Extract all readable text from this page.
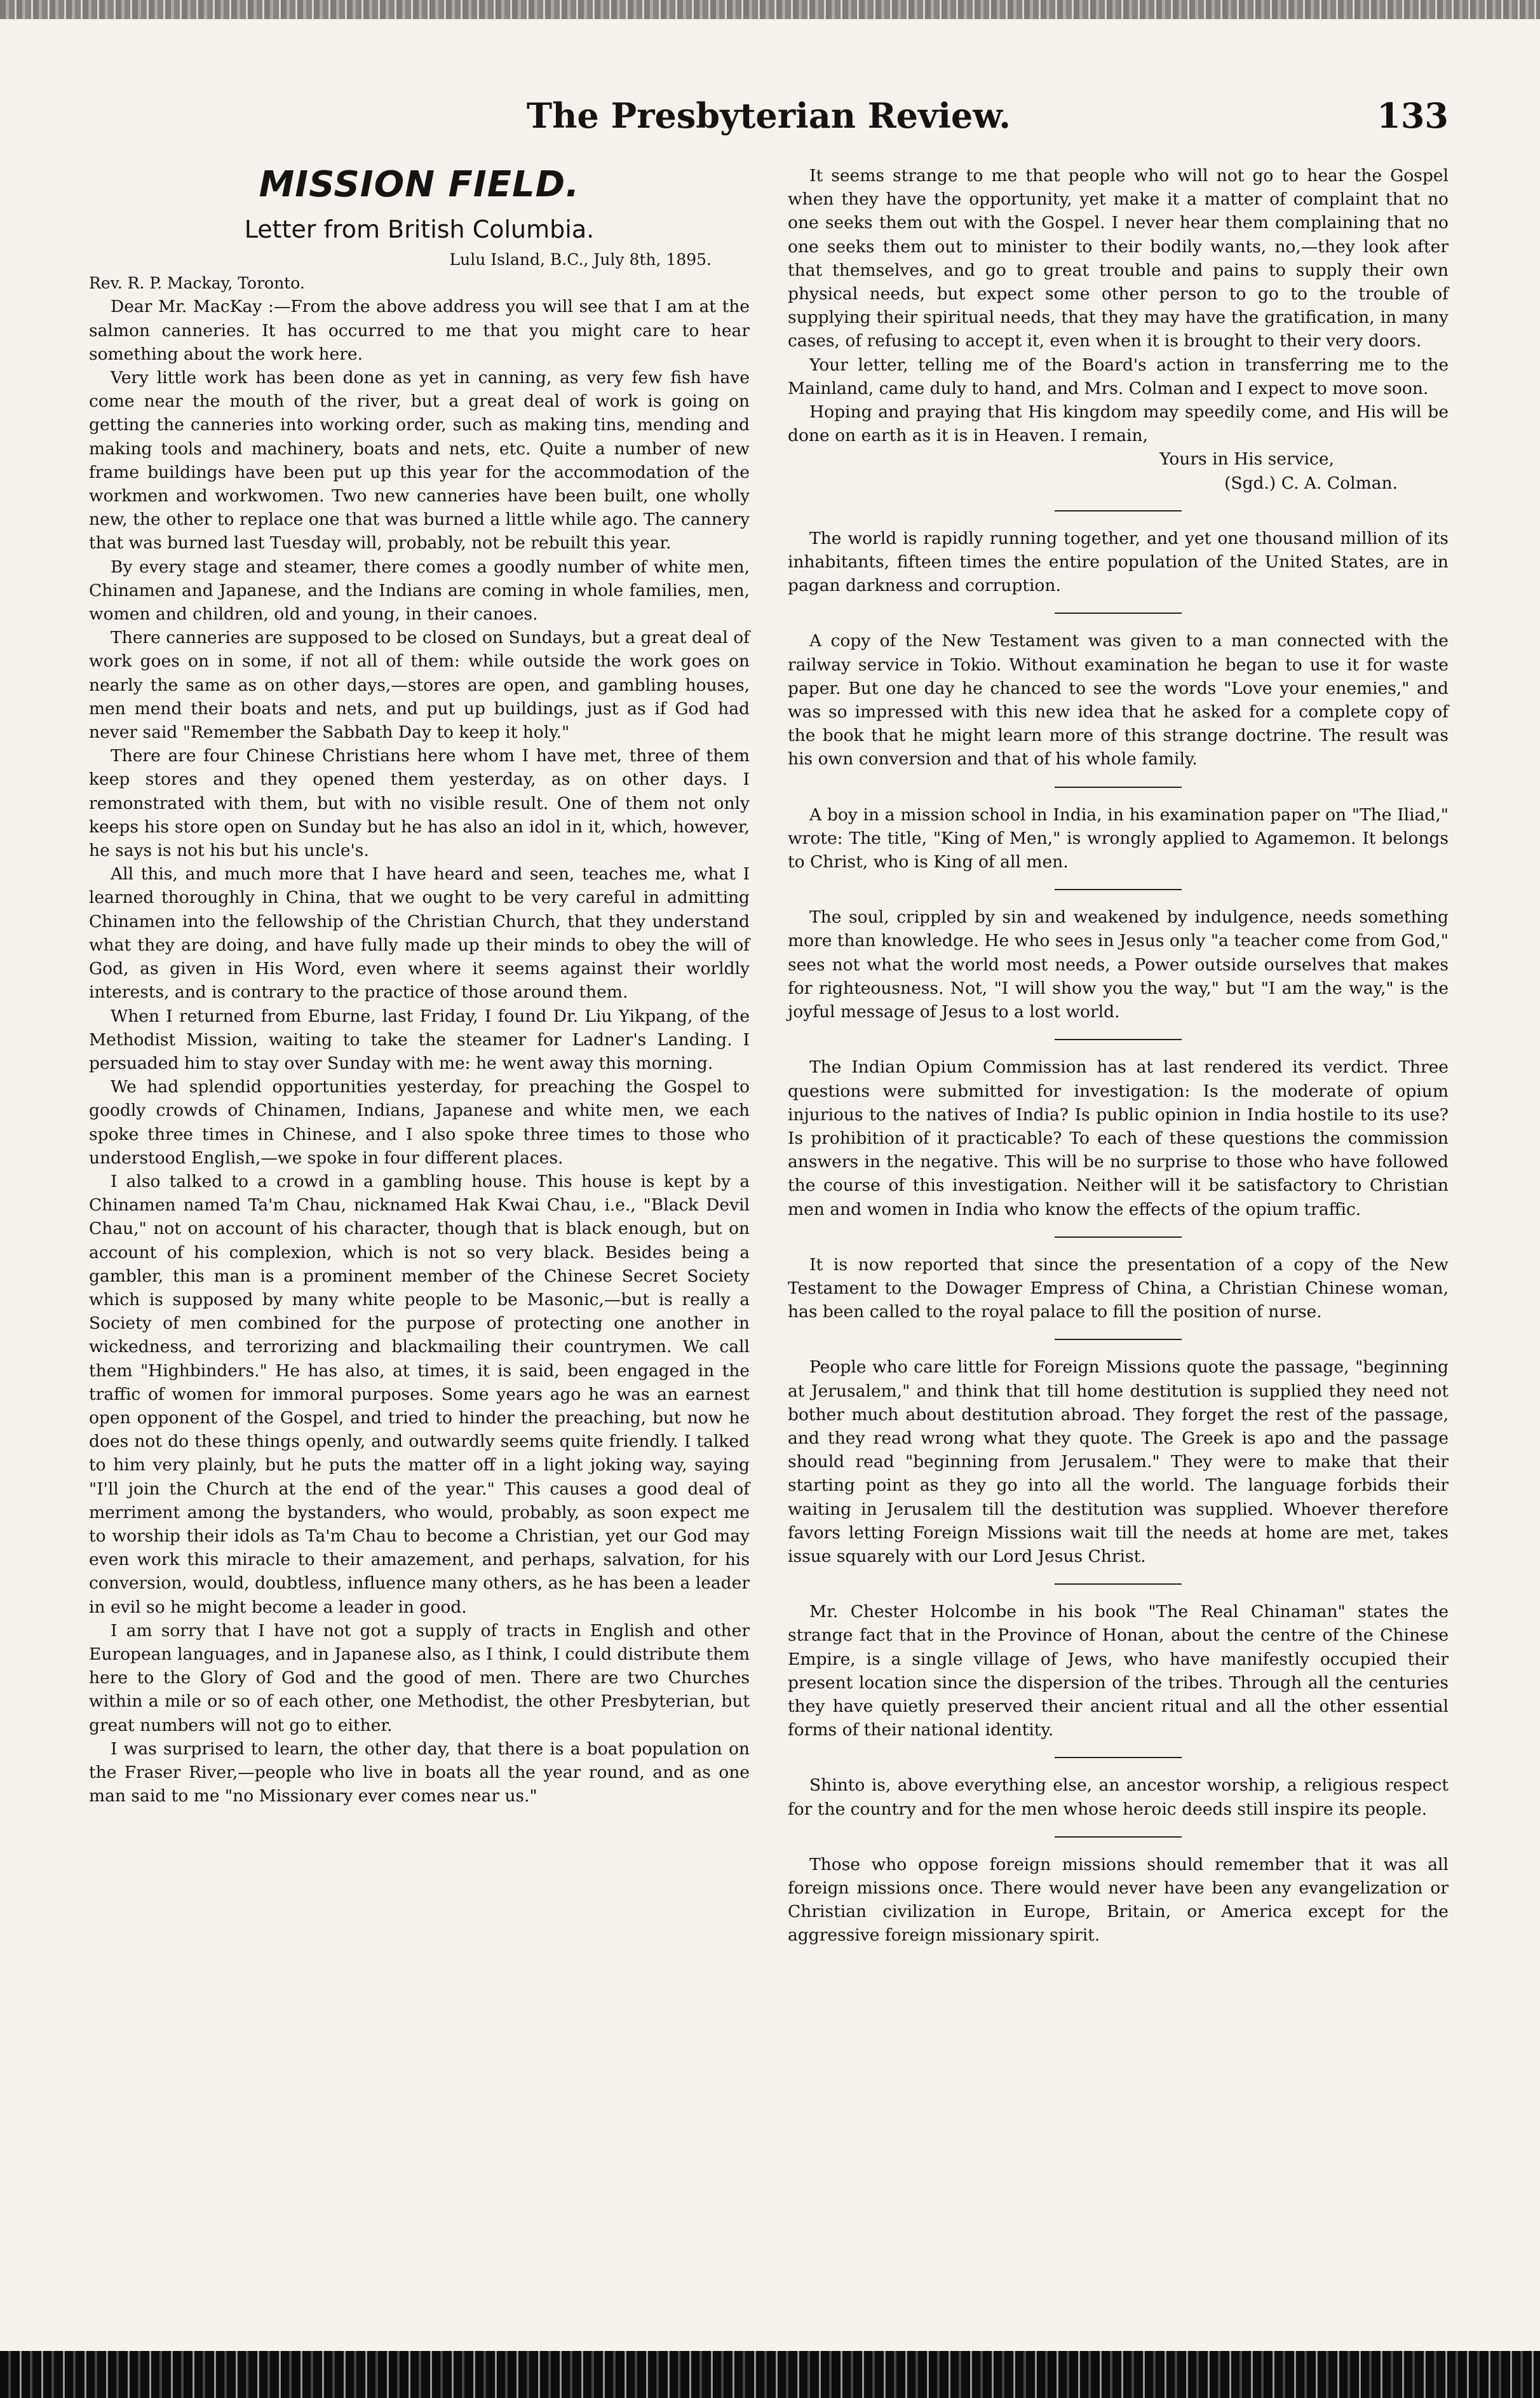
The Presbyterian Review.	133
MISSION FIELD.
Letter from British Columbia.
Lulu Island, B.C., July 8th, 1895.
Rev. R. P. Mackay, Toronto.

Dear Mr. MacKay :—From the above address you will see that I am at the salmon canneries. It has occurred to me that you might care to hear something about the work here.

Very little work has been done as yet in canning, as very few fish have come near the mouth of the river, but a great deal of work is going on getting the canneries into working order, such as making tins, mending and making tools and machinery, boats and nets, etc. Quite a number of new frame buildings have been put up this year for the accommodation of the workmen and workwomen. Two new canneries have been built, one wholly new, the other to replace one that was burned a little while ago. The cannery that was burned last Tuesday will, probably, not be rebuilt this year.

By every stage and steamer, there comes a goodly number of white men, Chinamen and Japanese, and the Indians are coming in whole families, men, women and children, old and young, in their canoes.

There canneries are supposed to be closed on Sundays, but a great deal of work goes on in some, if not all of them: while outside the work goes on nearly the same as on other days,—stores are open, and gambling houses, men mend their boats and nets, and put up buildings, just as if God had never said "Remember the Sabbath Day to keep it holy."

There are four Chinese Christians here whom I have met, three of them keep stores and they opened them yesterday, as on other days. I remonstrated with them, but with no visible result. One of them not only keeps his store open on Sunday but he has also an idol in it, which, however, he says is not his but his uncle's.

All this, and much more that I have heard and seen, teaches me, what I learned thoroughly in China, that we ought to be very careful in admitting Chinamen into the fellowship of the Christian Church, that they understand what they are doing, and have fully made up their minds to obey the will of God, as given in His Word, even where it seems against their worldly interests, and is contrary to the practice of those around them.

When I returned from Eburne, last Friday, I found Dr. Liu Yikpang, of the Methodist Mission, waiting to take the steamer for Ladner's Landing. I persuaded him to stay over Sunday with me: he went away this morning.

We had splendid opportunities yesterday, for preaching the Gospel to goodly crowds of Chinamen, Indians, Japanese and white men, we each spoke three times in Chinese, and I also spoke three times to those who understood English,—we spoke in four different places.

I also talked to a crowd in a gambling house. This house is kept by a Chinamen named Ta'm Chau, nicknamed Hak Kwai Chau, i.e., "Black Devil Chau," not on account of his character, though that is black enough, but on account of his complexion, which is not so very black. Besides being a gambler, this man is a prominent member of the Chinese Secret Society which is supposed by many white people to be Masonic,—but is really a Society of men combined for the purpose of protecting one another in wickedness, and terrorizing and blackmailing their countrymen. We call them "Highbinders." He has also, at times, it is said, been engaged in the traffic of women for immoral purposes. Some years ago he was an earnest open opponent of the Gospel, and tried to hinder the preaching, but now he does not do these things openly, and outwardly seems quite friendly. I talked to him very plainly, but he puts the matter off in a light joking way, saying "I'll join the Church at the end of the year." This causes a good deal of merriment among the bystanders, who would, probably, as soon expect me to worship their idols as Ta'm Chau to become a Christian, yet our God may even work this miracle to their amazement, and perhaps, salvation, for his conversion, would, doubtless, influence many others, as he has been a leader in evil so he might become a leader in good.

I am sorry that I have not got a supply of tracts in English and other European languages, and in Japanese also, as I think, I could distribute them here to the Glory of God and the good of men. There are two Churches within a mile or so of each other, one Methodist, the other Presbyterian, but great numbers will not go to either.

I was surprised to learn, the other day, that there is a boat population on the Fraser River,—people who live in boats all the year round, and as one man said to me "no Missionary ever comes near us."

It seems strange to me that people who will not go to hear the Gospel when they have the opportunity, yet make it a matter of complaint that no one seeks them out with the Gospel. I never hear them complaining that no one seeks them out to minister to their bodily wants, no,—they look after that themselves, and go to great trouble and pains to supply their own physical needs, but expect some other person to go to the trouble of supplying their spiritual needs, that they may have the gratification, in many cases, of refusing to accept it, even when it is brought to their very doors.

Your letter, telling me of the Board's action in transferring me to the Mainland, came duly to hand, and Mrs. Colman and I expect to move soon.

Hoping and praying that His kingdom may speedily come, and His will be done on earth as it is in Heaven. I remain,

Yours in His service,
(Sgd.) C. A. Colman.

The world is rapidly running together, and yet one thousand million of its inhabitants, fifteen times the entire population of the United States, are in pagan darkness and corruption.

A copy of the New Testament was given to a man connected with the railway service in Tokio. Without examination he began to use it for waste paper. But one day he chanced to see the words "Love your enemies," and was so impressed with this new idea that he asked for a complete copy of the book that he might learn more of this strange doctrine. The result was his own conversion and that of his whole family.

A boy in a mission school in India, in his examination paper on "The Iliad," wrote: The title, "King of Men," is wrongly applied to Agamemon. It belongs to Christ, who is King of all men.

The soul, crippled by sin and weakened by indulgence, needs something more than knowledge. He who sees in Jesus only "a teacher come from God," sees not what the world most needs, a Power outside ourselves that makes for righteousness. Not, "I will show you the way," but "I am the way," is the joyful message of Jesus to a lost world.

The Indian Opium Commission has at last rendered its verdict. Three questions were submitted for investigation: Is the moderate of opium injurious to the natives of India? Is public opinion in India hostile to its use? Is prohibition of it practicable? To each of these questions the commission answers in the negative. This will be no surprise to those who have followed the course of this investigation. Neither will it be satisfactory to Christian men and women in India who know the effects of the opium traffic.

It is now reported that since the presentation of a copy of the New Testament to the Dowager Empress of China, a Christian Chinese woman, has been called to the royal palace to fill the position of nurse.

People who care little for Foreign Missions quote the passage, "beginning at Jerusalem," and think that till home destitution is supplied they need not bother much about destitution abroad. They forget the rest of the passage, and they read wrong what they quote. The Greek is apo and the passage should read "beginning from Jerusalem." They were to make that their starting point as they go into all the world. The language forbids their waiting in Jerusalem till the destitution was supplied. Whoever therefore favors letting Foreign Missions wait till the needs at home are met, takes issue squarely with our Lord Jesus Christ.

Mr. Chester Holcombe in his book "The Real Chinaman" states the strange fact that in the Province of Honan, about the centre of the Chinese Empire, is a single village of Jews, who have manifestly occupied their present location since the dispersion of the tribes. Through all the centuries they have quietly preserved their ancient ritual and all the other essential forms of their national identity.

Shinto is, above everything else, an ancestor worship, a religious respect for the country and for the men whose heroic deeds still inspire its people.

Those who oppose foreign missions should remember that it was all foreign missions once. There would never have been any evangelization or Christian civilization in Europe, Britain, or America except for the aggressive foreign missionary spirit.
